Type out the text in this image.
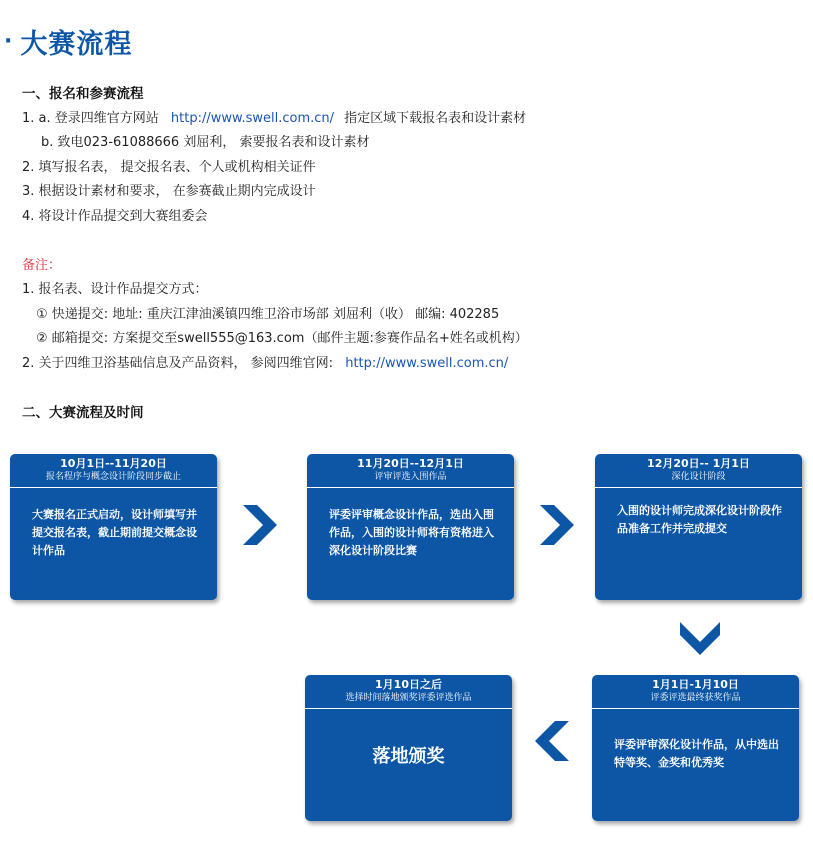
· 大赛流程
一、报名和参赛流程
1. a. 登录四维官方网站 http://www.swell.com.cn/ 指定区域下载报名表和设计素材
b. 致电023-61088666 刘屈利， 索要报名表和设计素材
2. 填写报名表， 提交报名表、个人或机构相关证件
3. 根据设计素材和要求， 在参赛截止期内完成设计
4. 将设计作品提交到大赛组委会
备注：
1. 报名表、设计作品提交方式：
① 快递提交: 地址: 重庆江津油溪镇四维卫浴市场部 刘屈利（收） 邮编: 402285
② 邮箱提交: 方案提交至swell555@163.com（邮件主题:参赛作品名+姓名或机构）
2. 关于四维卫浴基础信息及产品资料， 参阅四维官网: http://www.swell.com.cn/
二、大赛流程及时间
10月1日--11月20日
报名程序与概念设计阶段同步截止
大赛报名正式启动，设计师填写并提交报名表，截止期前提交概念设计作品
11月20日--12月1日
评审评选入围作品
评委评审概念设计作品，选出入围作品，入围的设计师将有资格进入深化设计阶段比赛
12月20日-- 1月1日
深化设计阶段
入围的设计师完成深化设计阶段作品准备工作并完成提交
1月1日-1月10日
评委评选最终获奖作品
评委评审深化设计作品，从中选出特等奖、金奖和优秀奖
1月10日之后
选择时间落地颁奖评委评选作品
落地颁奖
